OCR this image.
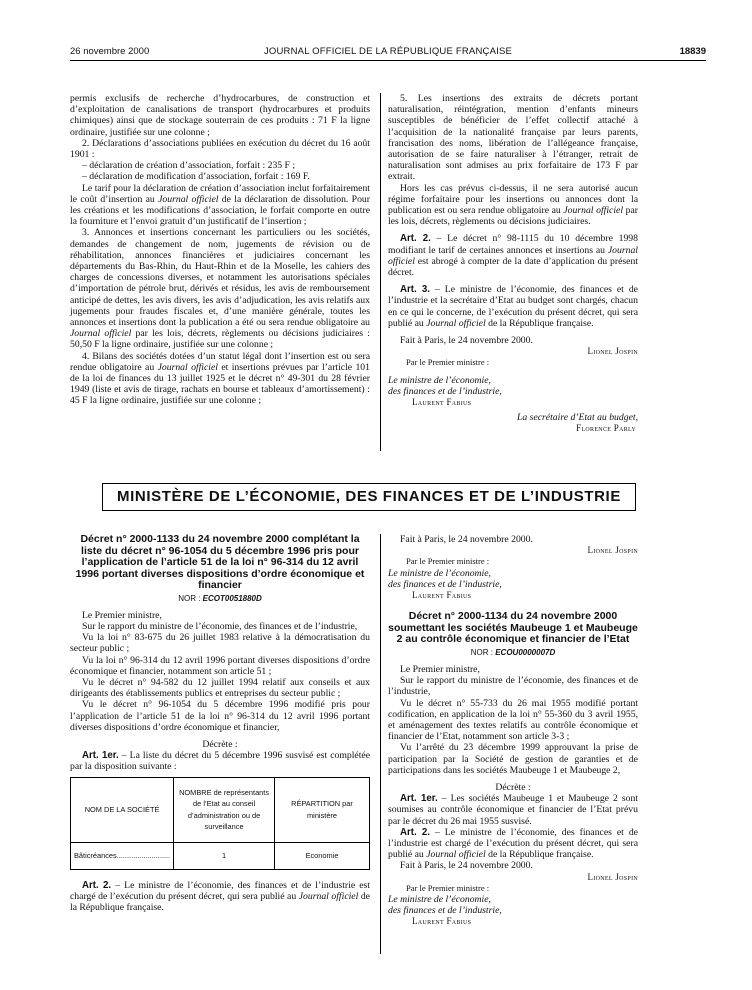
26 novembre 2000	JOURNAL OFFICIEL DE LA RÉPUBLIQUE FRANÇAISE	18839

permis exclusifs de recherche d’hydrocarbures, de construction et d’exploitation de canalisations de transport (hydrocarbures et produits chimiques) ainsi que de stockage souterrain de ces produits : 71 F la ligne ordinaire, justifiée sur une colonne ;

2. Déclarations d’associations publiées en exécution du décret du 16 août 1901 :

– déclaration de création d’association, forfait : 235 F ;

– déclaration de modification d’association, forfait : 169 F.

Le tarif pour la déclaration de création d’association inclut forfaitairement le coût d’insertion au Journal officiel de la déclaration de dissolution. Pour les créations et les modifications d’association, le forfait comporte en outre la fourniture et l’envoi gratuit d’un justificatif de l’insertion ;

3. Annonces et insertions concernant les particuliers ou les sociétés, demandes de changement de nom, jugements de révision ou de réhabilitation, annonces financières et judiciaires concernant les départements du Bas-Rhin, du Haut-Rhin et de la Moselle, les cahiers des charges de concessions diverses, et notamment les autorisations spéciales d’importation de pétrole brut, dérivés et résidus, les avis de remboursement anticipé de dettes, les avis divers, les avis d’adjudication, les avis relatifs aux jugements pour fraudes fiscales et, d’une manière générale, toutes les annonces et insertions dont la publication a été ou sera rendue obligatoire au Journal officiel par les lois, décrets, règlements ou décisions judiciaires : 50,50 F la ligne ordinaire, justifiée sur une colonne ;

4. Bilans des sociétés dotées d’un statut légal dont l’insertion est ou sera rendue obligatoire au Journal officiel et insertions prévues par l’article 101 de la loi de finances du 13 juillet 1925 et le décret n° 49-301 du 28 février 1949 (liste et avis de tirage, rachats en bourse et tableaux d’amortissement) : 45 F la ligne ordinaire, justifiée sur une colonne ;

5. Les insertions des extraits de décrets portant naturalisation, réintégration, mention d’enfants mineurs susceptibles de bénéficier de l’effet collectif attaché à l’acquisition de la nationalité française par leurs parents, francisation des noms, libération de l’allégeance française, autorisation de se faire naturaliser à l’étranger, retrait de naturalisation sont admises au prix forfaitaire de 173 F par extrait.

Hors les cas prévus ci-dessus, il ne sera autorisé aucun régime forfaitaire pour les insertions ou annonces dont la publication est ou sera rendue obligatoire au Journal officiel par les lois, décrets, règlements ou décisions judiciaires.

Art. 2. – Le décret n° 98-1115 du 10 décembre 1998 modifiant le tarif de certaines annonces et insertions au Journal officiel est abrogé à compter de la date d’application du présent décret.

Art. 3. – Le ministre de l’économie, des finances et de l’industrie et la secrétaire d’Etat au budget sont chargés, chacun en ce qui le concerne, de l’exécution du présent décret, qui sera publié au Journal officiel de la République française.

Fait à Paris, le 24 novembre 2000.

Lionel Jospin

Par le Premier ministre :

Le ministre de l’économie,

des finances et de l’industrie,

Laurent Fabius

La secrétaire d’Etat au budget,

Florence Parly

MINISTÈRE DE L’ÉCONOMIE, DES FINANCES ET DE L’INDUSTRIE
Décret n° 2000-1133 du 24 novembre 2000 complétant la liste du décret n° 96-1054 du 5 décembre 1996 pris pour l’application de l’article 51 de la loi n° 96-314 du 12 avril 1996 portant diverses dispositions d’ordre économique et financier
NOR : ECOT0051880D

Le Premier ministre,

Sur le rapport du ministre de l’économie, des finances et de l’industrie,

Vu la loi n° 83-675 du 26 juillet 1983 relative à la démocratisation du secteur public ;

Vu la loi n° 96-314 du 12 avril 1996 portant diverses dispositions d’ordre économique et financier, notamment son article 51 ;

Vu le décret n° 94-582 du 12 juillet 1994 relatif aux conseils et aux dirigeants des établissements publics et entreprises du secteur public ;

Vu le décret n° 96-1054 du 5 décembre 1996 modifié pris pour l’application de l’article 51 de la loi n° 96-314 du 12 avril 1996 portant diverses dispositions d’ordre économique et financier,

Décrète :

Art. 1er. – La liste du décret du 5 décembre 1996 susvisé est complétée par la disposition suivante :

NOM DE LA SOCIÉTÉ	NOMBRE de représentants de l’Etat au conseil d’administration ou de surveillance	RÉPARTITION par ministère
Bâticréances..........................	1	Economie

Art. 2. – Le ministre de l’économie, des finances et de l’industrie est chargé de l’exécution du présent décret, qui sera publié au Journal officiel de la République française.

Fait à Paris, le 24 novembre 2000.

Lionel Jospin

Par le Premier ministre :

Le ministre de l’économie,

des finances et de l’industrie,

Laurent Fabius

Décret n° 2000-1134 du 24 novembre 2000 soumettant les sociétés Maubeuge 1 et Maubeuge 2 au contrôle économique et financier de l’Etat
NOR : ECOU0000007D

Le Premier ministre,

Sur le rapport du ministre de l’économie, des finances et de l’industrie,

Vu le décret n° 55-733 du 26 mai 1955 modifié portant codification, en application de la loi n° 55-360 du 3 avril 1955, et aménagement des textes relatifs au contrôle économique et financier de l’Etat, notamment son article 3-3 ;

Vu l’arrêté du 23 décembre 1999 approuvant la prise de participation par la Société de gestion de garanties et de participations dans les sociétés Maubeuge 1 et Maubeuge 2,

Décrète :

Art. 1er. – Les sociétés Maubeuge 1 et Maubeuge 2 sont soumises au contrôle économique et financier de l’Etat prévu par le décret du 26 mai 1955 susvisé.

Art. 2. – Le ministre de l’économie, des finances et de l’industrie est chargé de l’exécution du présent décret, qui sera publié au Journal officiel de la République française.

Fait à Paris, le 24 novembre 2000.

Lionel Jospin

Par le Premier ministre :

Le ministre de l’économie,

des finances et de l’industrie,

Laurent Fabius
